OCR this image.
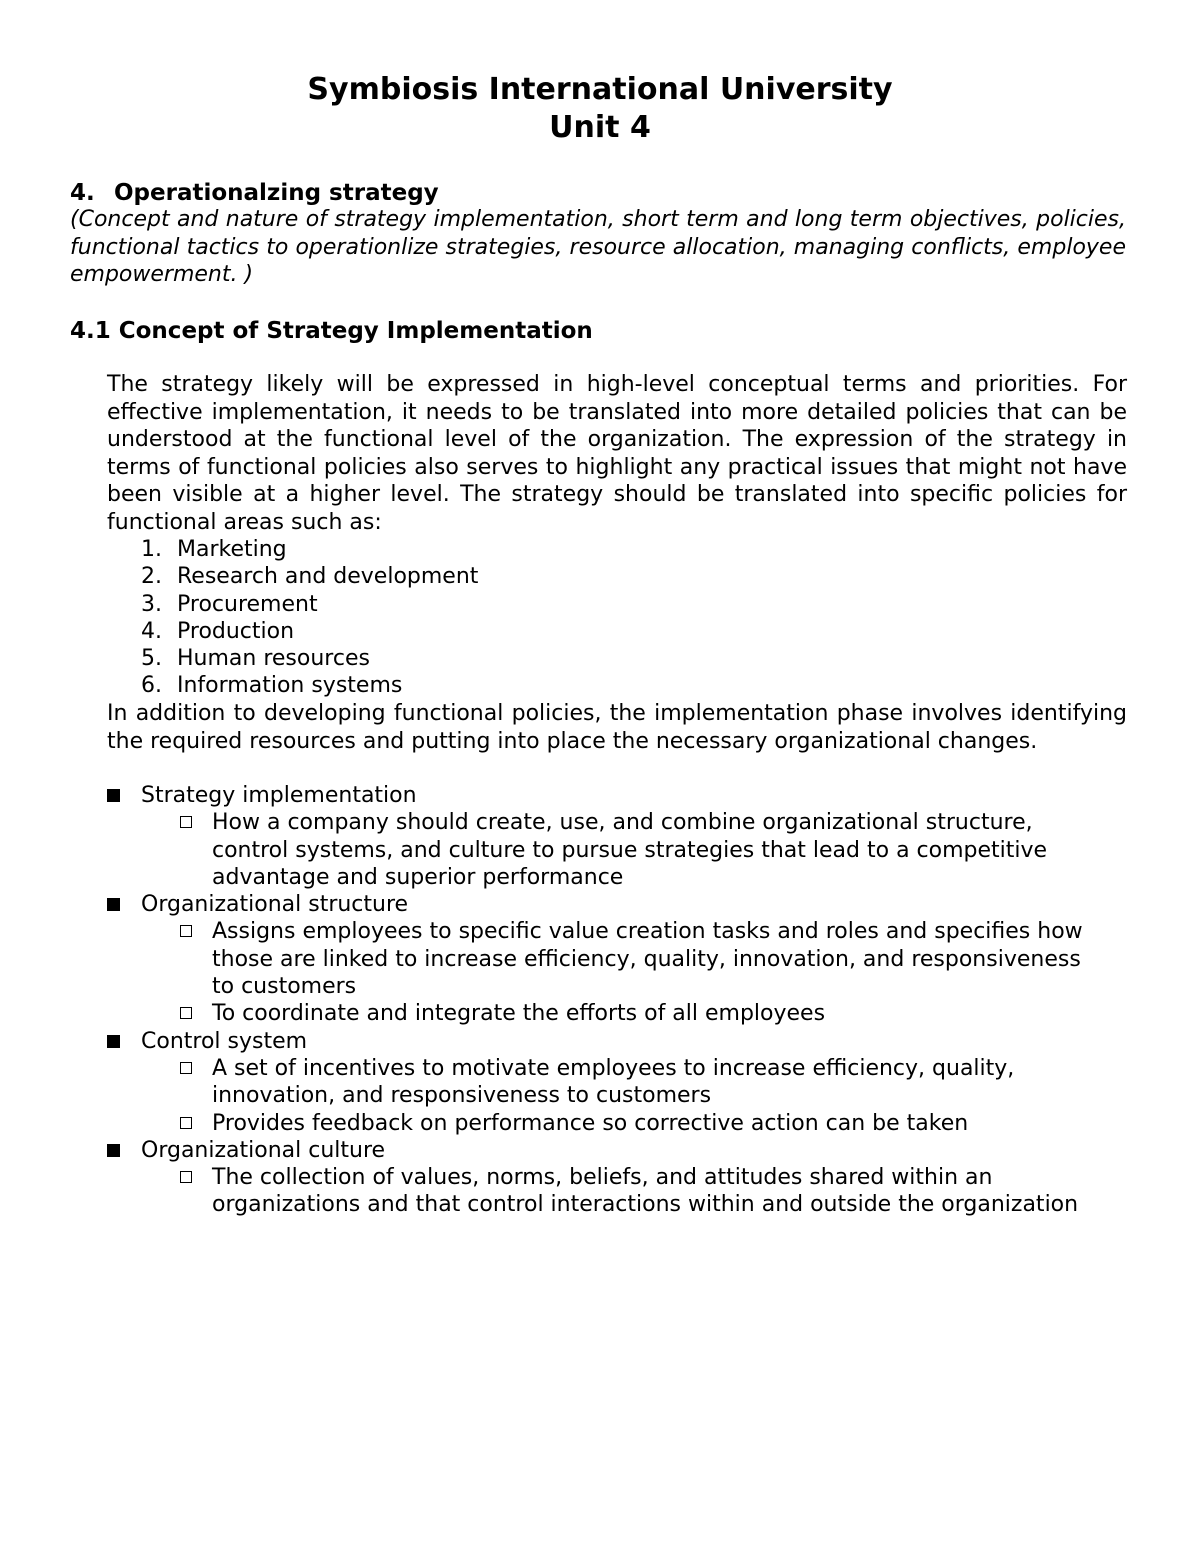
Symbiosis International University
Unit 4
4. Operationalzing strategy
(Concept and nature of strategy implementation, short term and long term objectives, policies, functional tactics to operationlize strategies, resource allocation, managing conflicts, employee empowerment. )
4.1 Concept of Strategy Implementation
The strategy likely will be expressed in high-level conceptual terms and priorities. For effective implementation, it needs to be translated into more detailed policies that can be understood at the functional level of the organization. The expression of the strategy in terms of functional policies also serves to highlight any practical issues that might not have been visible at a higher level. The strategy should be translated into specific policies for functional areas such as:
1. Marketing
2. Research and development
3. Procurement
4. Production
5. Human resources
6. Information systems
In addition to developing functional policies, the implementation phase involves identifying the required resources and putting into place the necessary organizational changes.
Strategy implementation
How a company should create, use, and combine organizational structure, control systems, and culture to pursue strategies that lead to a competitive advantage and superior performance
Organizational structure
Assigns employees to specific value creation tasks and roles and specifies how those are linked to increase efficiency, quality, innovation, and responsiveness to customers
To coordinate and integrate the efforts of all employees
Control system
A set of incentives to motivate employees to increase efficiency, quality, innovation, and responsiveness to customers
Provides feedback on performance so corrective action can be taken
Organizational culture
The collection of values, norms, beliefs, and attitudes shared within an organizations and that control interactions within and outside the organization
